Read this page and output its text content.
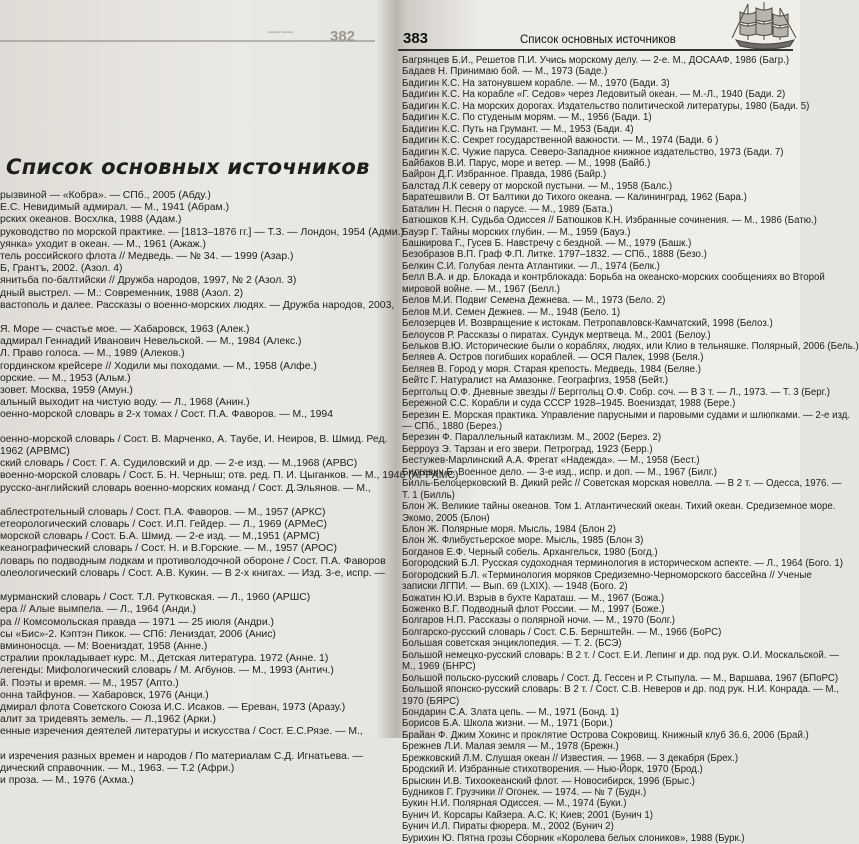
—— 382
Список основных источников
рызвиной — «Кобра». — СПб., 2005 (Абду.)
Е.С. Невидимый адмирал. — М., 1941 (Абрам.)
рских океанов. Восхлка, 1988 (Адам.)
руководство по морской практике. — [1813–1876 гг.] — Т.3. — Лондон, 1954 (Адми.)
уянка» уходит в океан. — М., 1961 (Ажаж.)
тель российского флота // Медведь. — № 34. — 1999 (Азар.)
Б, Грантъ, 2002. (Азол. 4)
янитьба по-балтийски // Дружба народов, 1997, № 2 (Азол. 3)
дный выстрел. — М.: Современник, 1988 (Азол. 2)
вастополь и далее. Рассказы о военно-морских людях. — Дружба народов, 2003,
Я. Море — счастье мое. — Хабаровск, 1963 (Алек.)
адмирал Геннадий Иванович Невельской. — М., 1984 (Алекс.)
Л. Право голоса. — М., 1989 (Алеков.)
гординском крейсере // Ходили мы походами. — М., 1958 (Алфе.)
орские. — М., 1953 (Альм.)
зовет. Москва, 1959 (Амун.)
альный выходит на чистую воду. — Л., 1968 (Анин.)
оенно-морской словарь в 2-х томах / Сост. П.А. Фаворов. — М., 1994
оенно-морской словарь / Сост. В. Марченко, А. Таубе, И. Неиров, В. Шмид. Ред.
1962 (АРВМС)
ский словарь / Сост. Г. А. Судиловский и др. — 2-е изд. — М.,1968 (АРВС)
военно-морской словарь / Сост. Б. Н. Черныш; отв. ред. П. И. Цыганков. — М., 1946 (АРРАМС)
русско-английский словарь военно-морских команд / Сост. Д.Эльянов. — М.,
аблестротельный словарь / Сост. П.А. Фаворов. — М., 1957 (АРКС)
етеорологический словарь / Сост. И.П. Гейдер. — Л., 1969 (АРМеС)
морской словарь / Сост. Б.А. Шмид. — 2-е изд. — М.,1951 (АРМС)
кеанографический словарь / Сост. Н. и В.Горские. — М., 1957 (АРОС)
ловарь по подводным лодкам и противолодочной обороне / Сост. П.А. Фаворов
олеологический словарь / Сост. А.В. Кукин. — В 2-х книгах. — Изд. 3-е, испр. —
мурманский словарь / Сост. Т.Л. Рутковская. — Л., 1960 (АРШС)
ера // Алые вымпела. — Л., 1964 (Анди.)
ра // Комсомольская правда — 1971 — 25 июля (Андри.)
сы «Бис»-2. Кэптэн Пикок. — СПб: Лениздат, 2006 (Анис)
вминоносца. — М: Воениздат, 1958 (Анне.)
стралии прокладывает курс. М., Детская литература. 1972 (Анне. 1)
легенды: Мифологический словарь / М. Агбунов. — М., 1993 (Антич.)
й. Поэты и время. — М., 1957 (Апто.)
онна тайфунов. — Хабаровск, 1976 (Анци.)
дмирал флота Советского Союза И.С. Исаков. — Ереван, 1973 (Аразу.)
алит за тридевять земель. — Л.,1962 (Арки.)
енные изречения деятелей литературы и искусства / Сост. Е.С.Рязе. — М.,
и изречения разных времен и народов / По материалам С.Д. Игнатьева. —
дический справочник. — М., 1963. — Т.2 (Афри.)
и проза. — М., 1976 (Ахма.)
383	Список основных источников
Багрянцев Б.И., Решетов П.И. Учись морскому делу. — 2-е. М., ДОСААФ, 1986 (Багр.)
Бадаев Н. Принимаю бой. — М., 1973 (Бадe.)
Бадигин К.С. На затонувшем корабле. — М., 1970 (Бади. 3)
Бадигин К.С. На корабле «Г. Седов» через Ледовитый океан. — М.-Л., 1940 (Бади. 2)
Бадигин К.С. На морских дорогах. Издательство политической литературы, 1980 (Бади. 5)
Бадигин К.С. По студеным морям. — М., 1956 (Бади. 1)
Бадигин К.С. Путь на Грумант. — М., 1953 (Бади. 4)
Бадигин К.С. Секрет государственной важности. — М., 1974 (Бади. 6 )
Бадигин К.С. Чужие паруса. Северо-Западное книжное издательство, 1973 (Бади. 7)
Байбаков В.И. Парус, море и ветер. — М., 1998 (Байб.)
Байрон Д.Г. Избранное. Правда, 1986 (Байр.)
Балстад Л.К северу от морской пустыни. — М., 1958 (Балс.)
Баратешвили В. От Балтики до Тихого океана. — Калининград, 1962 (Бара.)
Баталин Н. Песня о парусе. — М., 1989 (Бата.)
Батюшков К.Н. Судьба Одиссея // Батюшков К.Н. Избранные сочинения. — М., 1986 (Батю.)
Бауэр Г. Тайны морских глубин. — М., 1959 (Бауэ.)
Башкирова Г., Гусев Б. Навстречу с бездной. — М., 1979 (Башк.)
Безобразов В.П. Граф Ф.П. Литке. 1797–1832. — СПб., 1888 (Безо.)
Белкин С.И. Голубая лента Атлантики. — Л., 1974 (Белк.)
Белл В.А. и др. Блокада и контрблокада: Борьба на океанско-морских сообщениях во Второй
мировой войне. — М., 1967 (Белл.)
Белов М.И. Подвиг Семена Дежнева. — М., 1973 (Бело. 2)
Белов М.И. Семен Дежнев. — М., 1948 (Бело. 1)
Белозерцев И. Возвращение к истокам. Петропавловск-Камчатский, 1998 (Белоз.)
Белоусов Р. Рассказы о пиратах. Сундук мертвеца. М., 2001 (Белоу.)
Бельков В.Ю. Исторические были о кораблях, людях, или Клио в тельняшке. Полярный, 2006 (Бель.)
Беляев А. Остров погибших кораблей. — ОСЯ Палек, 1998 (Беля.)
Беляев В. Город у моря. Старая крепость. Медведь, 1984 (Беляе.)
Бейтс Г. Натуралист на Амазонке. Географгиз, 1958 (Бейт.)
Берггольц О.Ф. Дневные звезды // Берггольц О.Ф. Собр. соч. — В 3 т. — Л., 1973. — Т. 3 (Берг.)
Бережной С.С. Корабли и суда СССР 1928–1945. Воениздат, 1988 (Бере.)
Березин Е. Морская практика. Управление парусными и паровыми судами и шлюпками. — 2-е изд.
— СПб., 1880 (Берез.)
Березин Ф. Параллельный катаклизм. М., 2002 (Берез. 2)
Берроуз Э. Тарзан и его звери. Петроград, 1923 (Берр.)
Бестужев-Марлинский А.А. Фрегат «Надежда». — М., 1958 (Бест.)
Билгевич Б. Военное дело. — 3-е изд., испр. и доп. — М., 1967 (Билг.)
Билль-Белоцерковский В. Дикий рейс // Советская морская новелла. — В 2 т. — Одесса, 1976. —
Т. 1 (Билль)
Блон Ж. Великие тайны океанов. Том 1. Атлантический океан. Тихий океан. Средиземное море.
Экомо, 2005 (Блон)
Блон Ж. Полярные моря. Мысль, 1984 (Блон 2)
Блон Ж. Флибустьерское море. Мысль, 1985 (Блон 3)
Богданов Е.Ф. Черный собель. Архангельск, 1980 (Богд.)
Богородский Б.Л. Русская судоходная терминология в историческом аспекте. — Л., 1964 (Бого. 1)
Богородский Б.Л. «Терминология моряков Средиземно-Черноморского бассейна // Ученые
записки ЛГПИ. — Вып. 69 (LXIX). — 1948 (Бого. 2)
Божатин Ю.И. Взрыв в бухте Караташ. — М., 1967 (Божа.)
Боженко В.Г. Подводный флот России. — М., 1997 (Боже.)
Болгаров Н.П. Рассказы о полярной ночи. — М., 1970 (Болг.)
Болгарско-русский словарь / Сост. С.Б. Бернштейн. — М., 1966 (БоРС)
Большая советская энциклопедия. — Т. 2. (БСЭ)
Большой немецко-русский словарь: В 2 т. / Сост. Е.И. Лепинг и др. под рук. О.И. Москальской. —
М., 1969 (БНРС)
Большой польско-русский словарь / Сост. Д. Гессен и Р. Стыпула. — М., Варшава, 1967 (БПоРС)
Большой японско-русский словарь: В 2 т. / Сост. С.В. Неверов и др. под рук. Н.И. Конрада. — М.,
1970 (БЯРС)
Бондарин С.А. Злата цепь. — М., 1971 (Бонд. 1)
Борисов Б.А. Школа жизни. — М., 1971 (Бори.)
Брайан Ф. Джим Хокинс и проклятие Острова Сокровищ. Книжный клуб 36.6, 2006 (Брай.)
Брежнев Л.И. Малая земля — М., 1978 (Брежн.)
Брежковский Л.М. Слушая океан // Известия. — 1968. — 3 декабря (Брех.)
Бродский И. Избранные стихотворения. — Нью-Йорк, 1970 (Брод.)
Брыскин И.В. Тихоокеанский флот. — Новосибирск, 1996 (Брыс.)
Будников Г. Грузчики // Огонек. — 1974. — № 7 (Будн.)
Букин Н.И. Полярная Одиссея. — М., 1974 (Буки.)
Бунич И. Корсары Кайзера. А.С. К; Киев; 2001 (Бунич 1)
Бунич И.Л. Пираты фюрера. М., 2002 (Бунич 2)
Бурихин Ю. Пятна грозы Сборник «Королева белых слоников», 1988 (Бурк.)
